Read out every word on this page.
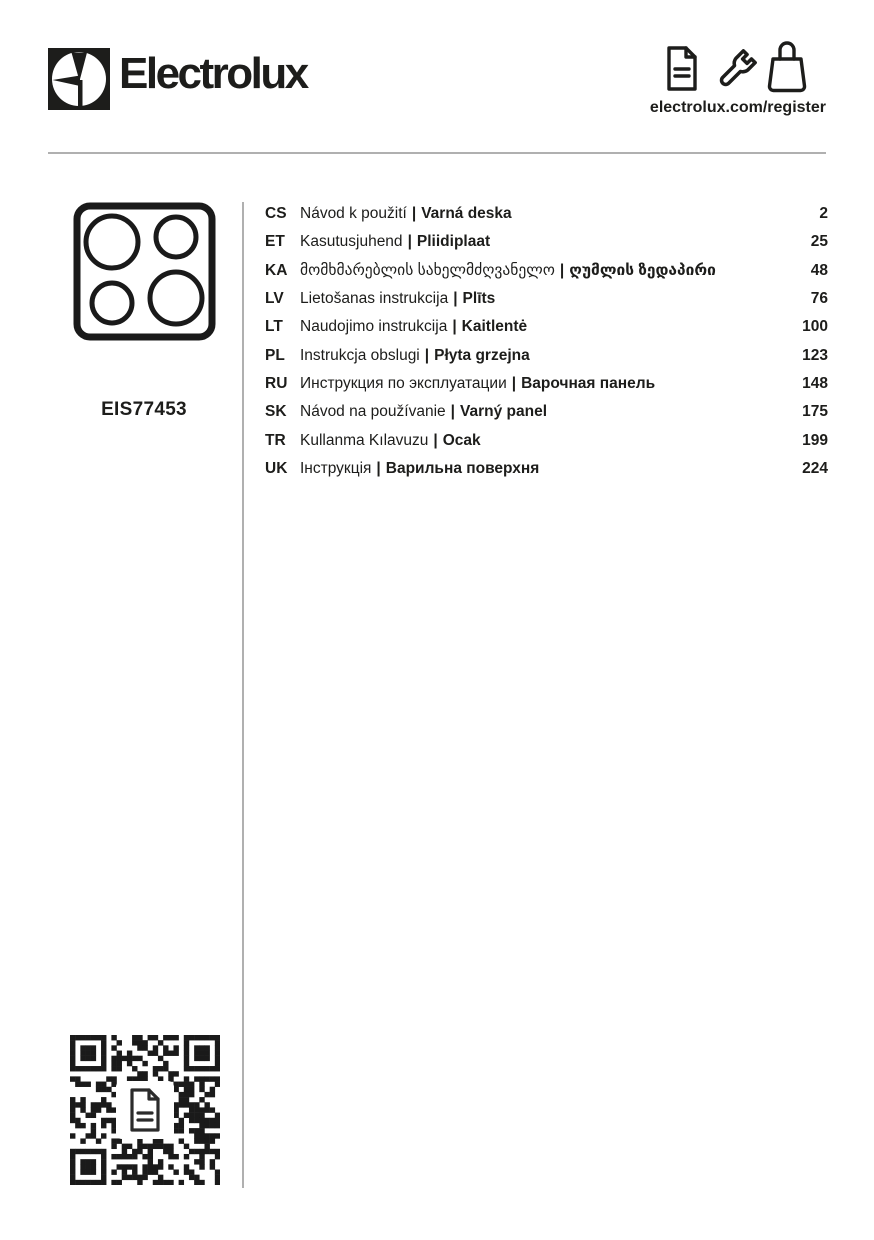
Electrolux
electrolux.com/register
EIS77453
CS Návod k použití | Varná deska	2
ET Kasutusjuhend | Pliidiplaat	25
KA მომხმარებლის სახელმძღვანელო | ღუმლის ზედაპირი	48
LV	Lietošanas instrukcija | Plīts	76
LT	Naudojimo instrukcija | Kaitlentė	100
PL Instrukcja obslugi | Płyta grzejna	123
RU Инструкция по эксплуатации | Варочная панель	148
SK Návod na používanie | Varný panel	175
TR Kullanma Kılavuzu | Ocak	199
UK Інструкція | Варильна поверхня	224
